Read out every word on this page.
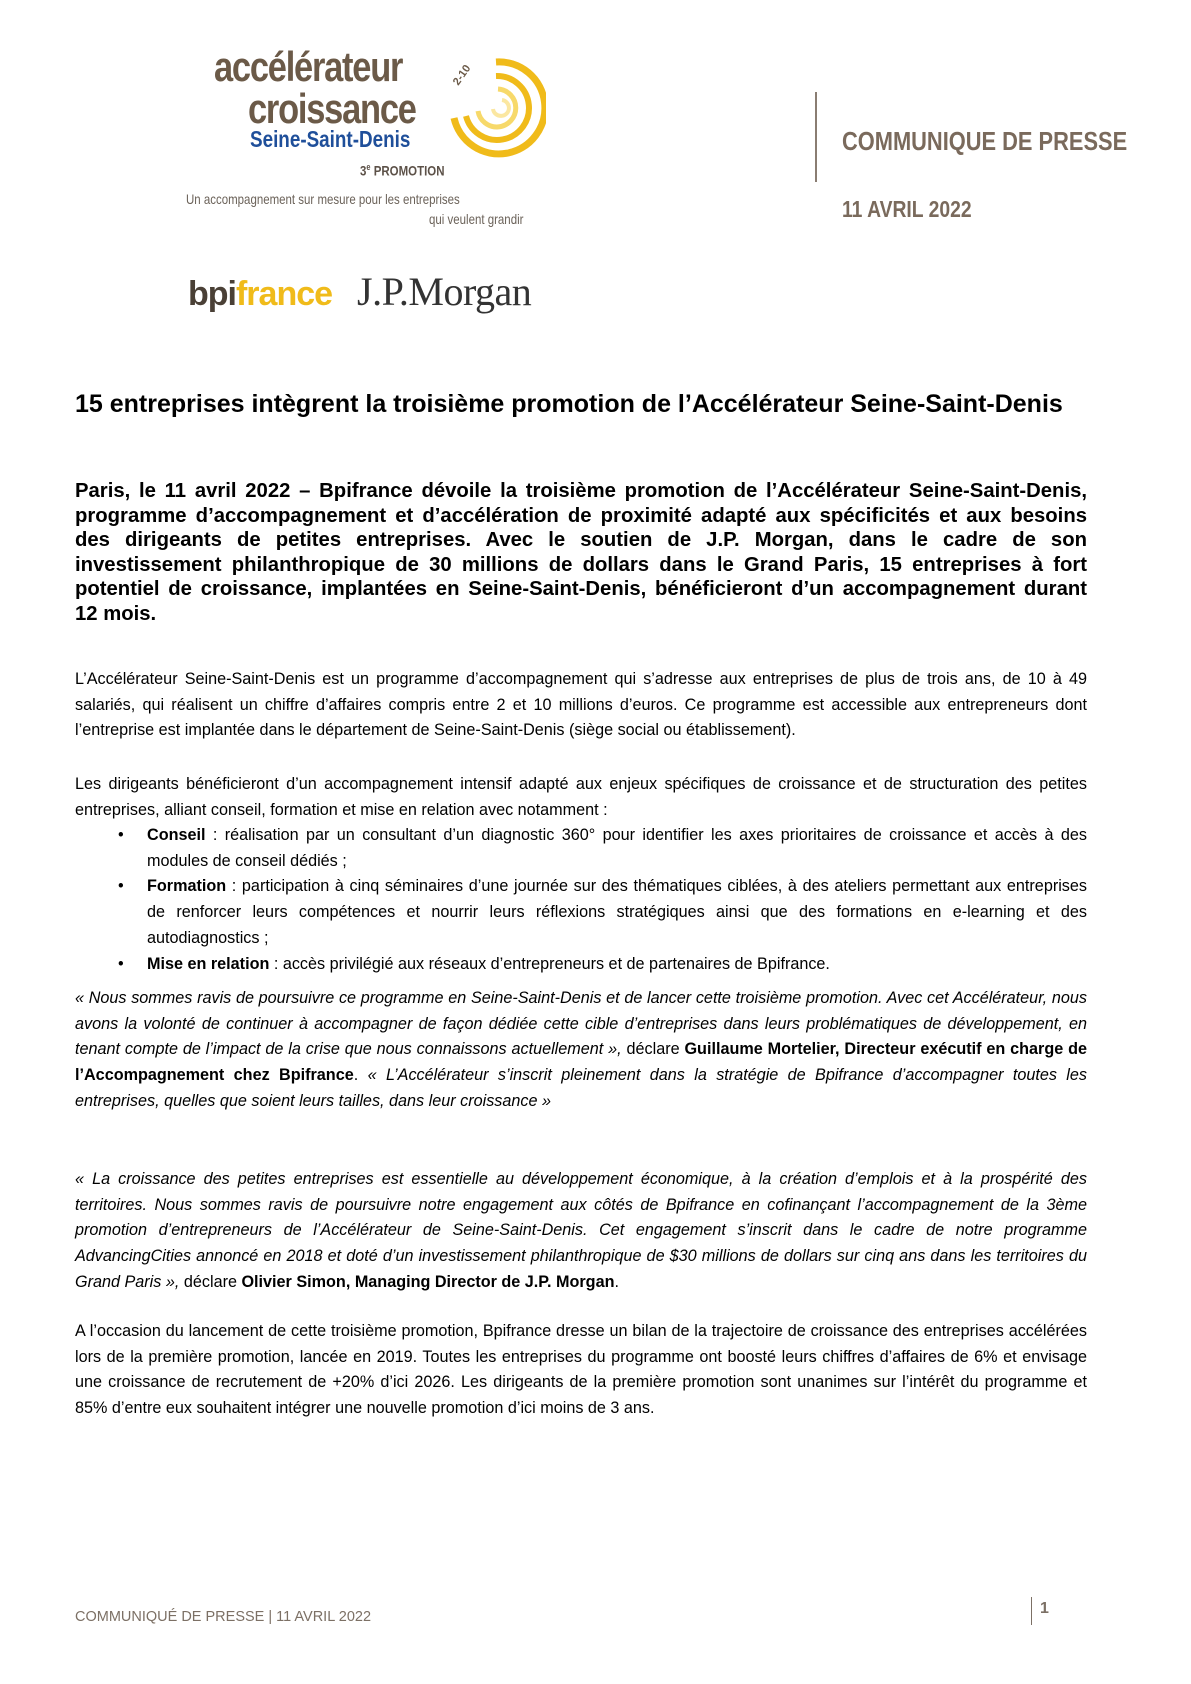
accélérateur
croissance
Seine-Saint-Denis
3e PROMOTION
Un accompagnement sur mesure pour les entreprises
qui veulent grandir
2-10
COMMUNIQUE DE PRESSE
11 AVRIL 2022
bpifrance J.P.Morgan
15 entreprises intègrent la troisième promotion de l’Accélérateur Seine-Saint-Denis

Paris, le 11 avril 2022 – Bpifrance dévoile la troisième promotion de l’Accélérateur Seine-Saint-Denis, programme d’accompagnement et d’accélération de proximité adapté aux spécificités et aux besoins des dirigeants de petites entreprises. Avec le soutien de J.P. Morgan, dans le cadre de son investissement philanthropique de 30 millions de dollars dans le Grand Paris, 15 entreprises à fort potentiel de croissance, implantées en Seine-Saint-Denis, bénéficieront d’un accompagnement durant 12 mois.

L’Accélérateur Seine-Saint-Denis est un programme d’accompagnement qui s’adresse aux entreprises de plus de trois ans, de 10 à 49 salariés, qui réalisent un chiffre d’affaires compris entre 2 et 10 millions d’euros. Ce programme est accessible aux entrepreneurs dont l’entreprise est implantée dans le département de Seine-Saint-Denis (siège social ou établissement).

Les dirigeants bénéficieront d’un accompagnement intensif adapté aux enjeux spécifiques de croissance et de structuration des petites entreprises, alliant conseil, formation et mise en relation avec notamment :

• Conseil : réalisation par un consultant d’un diagnostic 360° pour identifier les axes prioritaires de croissance et accès à des modules de conseil dédiés ;
• Formation : participation à cinq séminaires d’une journée sur des thématiques ciblées, à des ateliers permettant aux entreprises de renforcer leurs compétences et nourrir leurs réflexions stratégiques ainsi que des formations en e-learning et des autodiagnostics ;
• Mise en relation : accès privilégié aux réseaux d’entrepreneurs et de partenaires de Bpifrance.

« Nous sommes ravis de poursuivre ce programme en Seine-Saint-Denis et de lancer cette troisième promotion. Avec cet Accélérateur, nous avons la volonté de continuer à accompagner de façon dédiée cette cible d’entreprises dans leurs problématiques de développement, en tenant compte de l’impact de la crise que nous connaissons actuellement », déclare Guillaume Mortelier, Directeur exécutif en charge de l’Accompagnement chez Bpifrance. « L’Accélérateur s’inscrit pleinement dans la stratégie de Bpifrance d’accompagner toutes les entreprises, quelles que soient leurs tailles, dans leur croissance »

« La croissance des petites entreprises est essentielle au développement économique, à la création d’emplois et à la prospérité des territoires. Nous sommes ravis de poursuivre notre engagement aux côtés de Bpifrance en cofinançant l’accompagnement de la 3ème promotion d’entrepreneurs de l’Accélérateur de Seine-Saint-Denis. Cet engagement s’inscrit dans le cadre de notre programme AdvancingCities annoncé en 2018 et doté d’un investissement philanthropique de $30 millions de dollars sur cinq ans dans les territoires du Grand Paris », déclare Olivier Simon, Managing Director de J.P. Morgan.

A l’occasion du lancement de cette troisième promotion, Bpifrance dresse un bilan de la trajectoire de croissance des entreprises accélérées lors de la première promotion, lancée en 2019. Toutes les entreprises du programme ont boosté leurs chiffres d’affaires de 6% et envisage une croissance de recrutement de +20% d’ici 2026. Les dirigeants de la première promotion sont unanimes sur l’intérêt du programme et 85% d’entre eux souhaitent intégrer une nouvelle promotion d’ici moins de 3 ans.

COMMUNIQUÉ DE PRESSE | 11 AVRIL 2022	1
